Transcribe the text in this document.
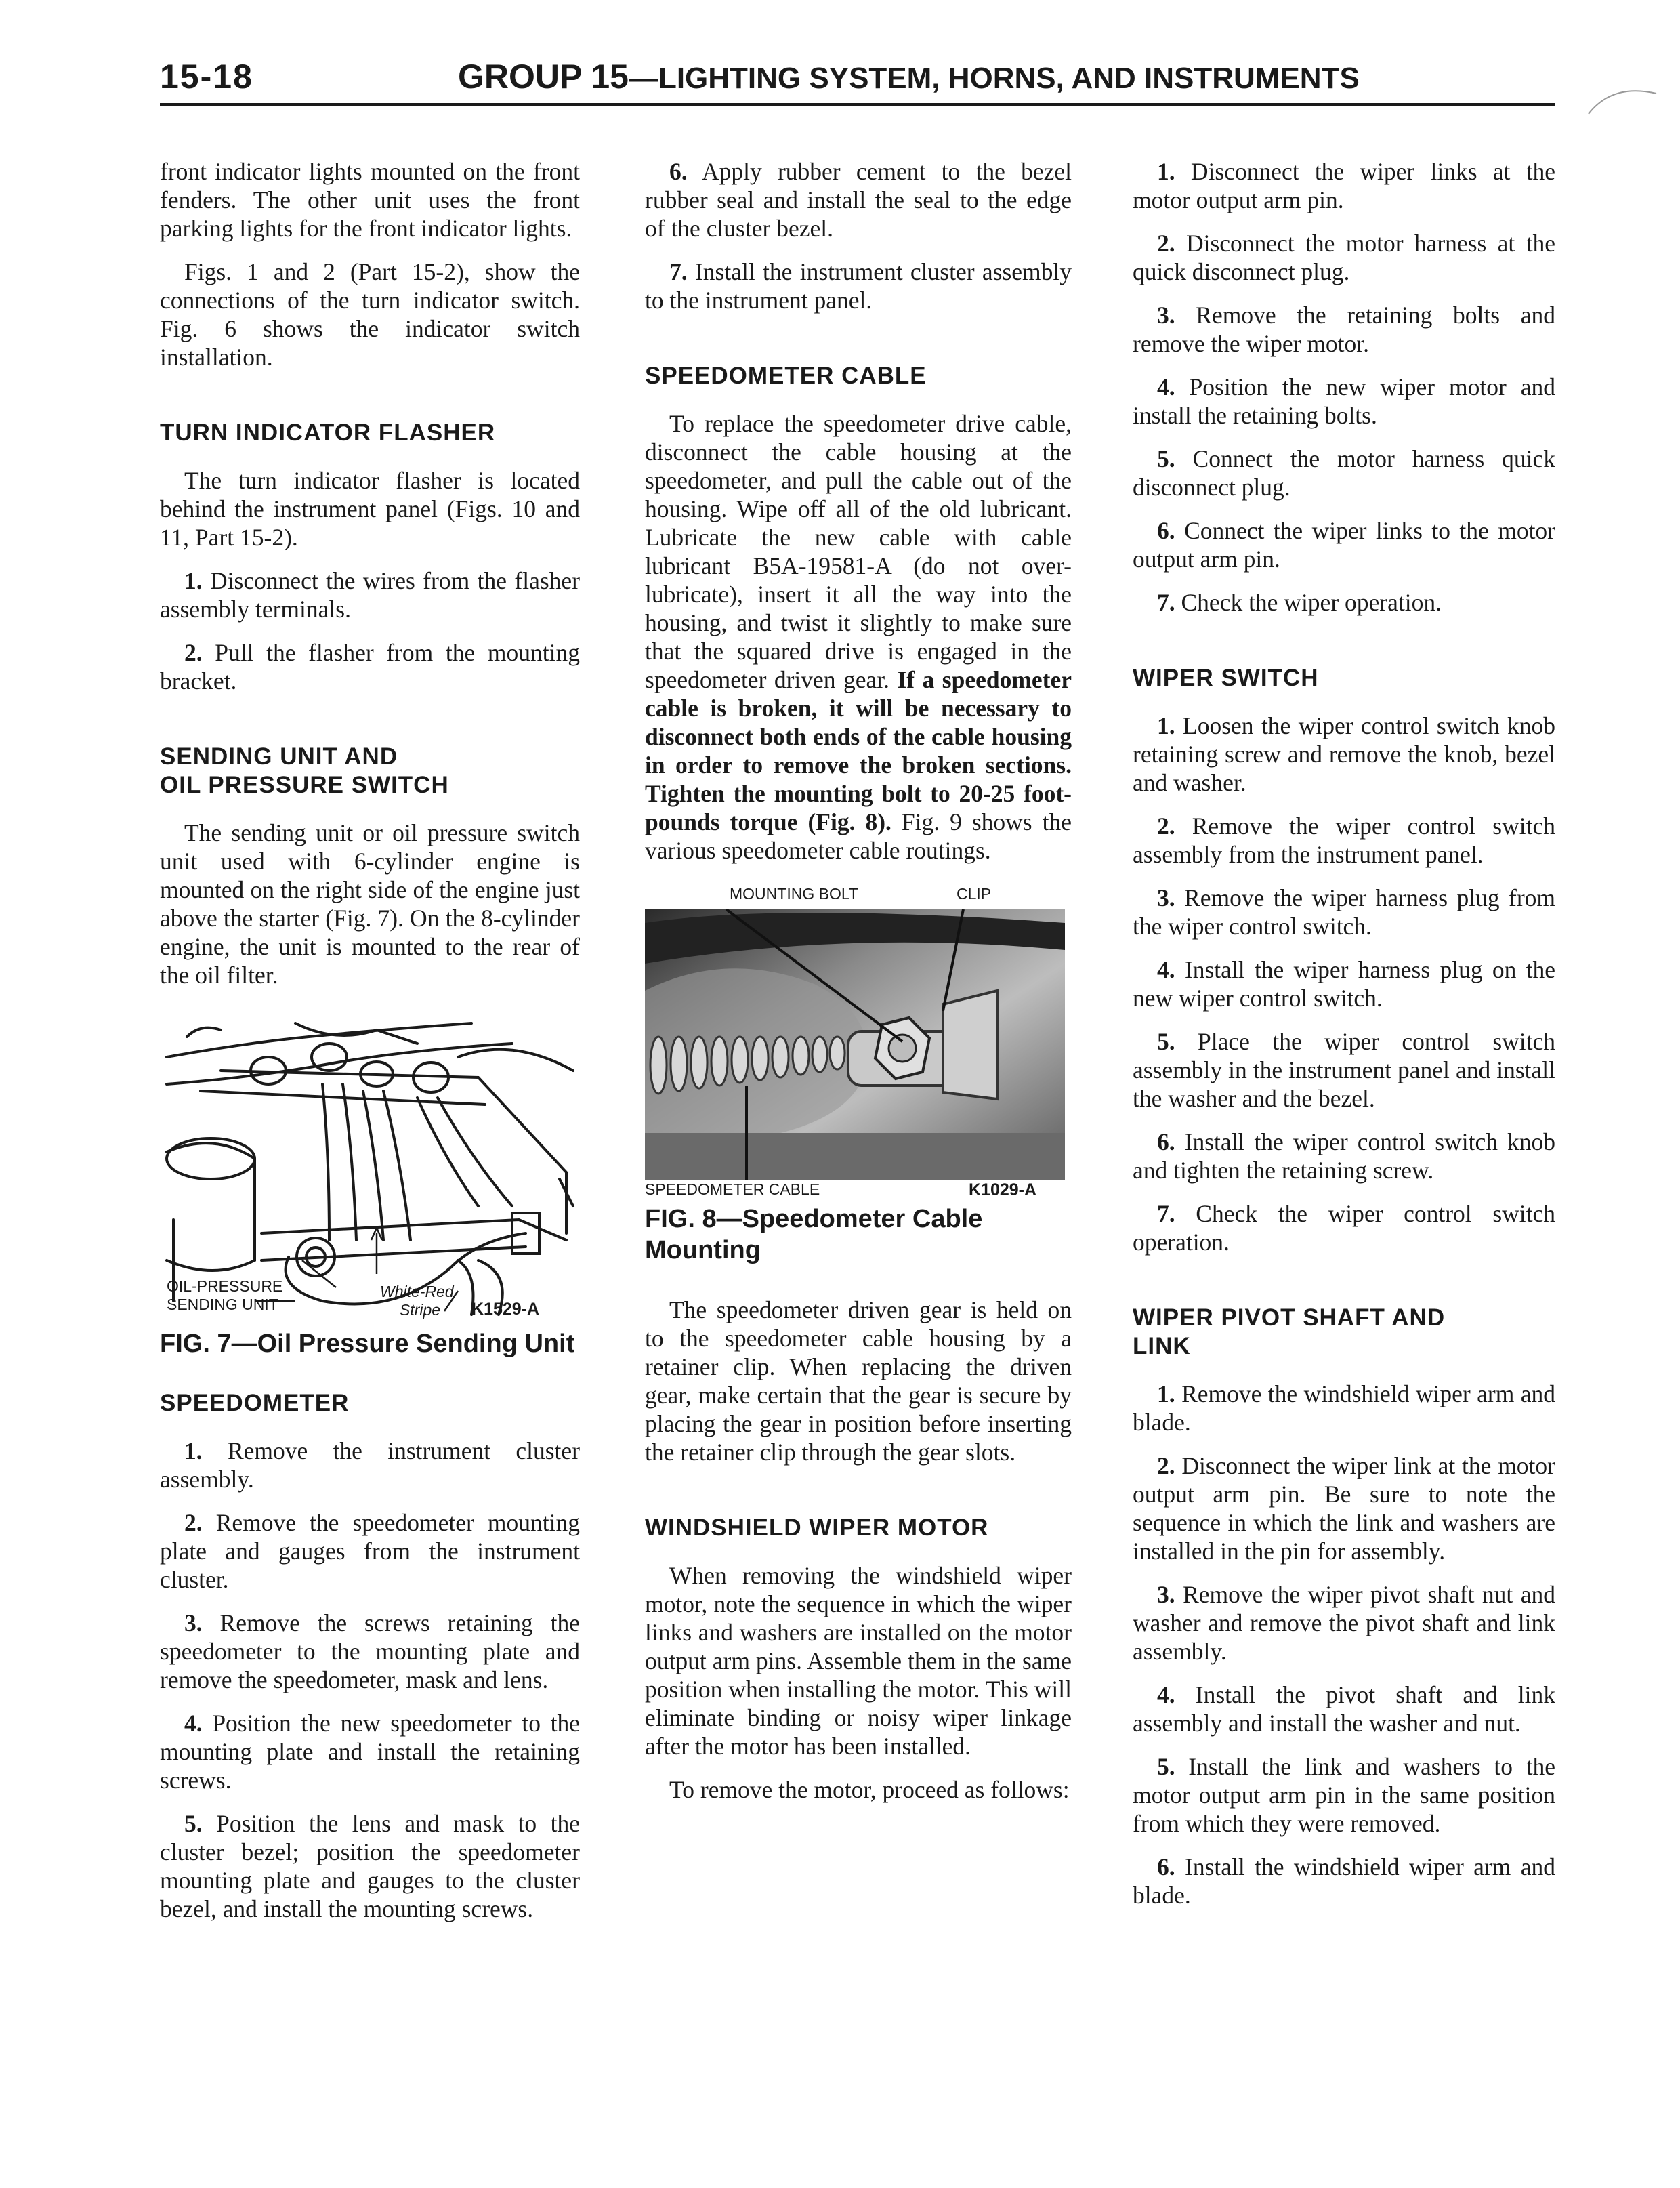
15-18	GROUP 15—LIGHTING SYSTEM, HORNS, AND INSTRUMENTS

front indicator lights mounted on the front fenders. The other unit uses the front parking lights for the front indicator lights.

Figs. 1 and 2 (Part 15-2), show the connections of the turn indicator switch. Fig. 6 shows the indicator switch installation.

TURN INDICATOR FLASHER

The turn indicator flasher is located behind the instrument panel (Figs. 10 and 11, Part 15-2).

1. Disconnect the wires from the flasher assembly terminals.

2. Pull the flasher from the mounting bracket.

SENDING UNIT AND
OIL PRESSURE SWITCH

The sending unit or oil pressure switch unit used with 6-cylinder engine is mounted on the right side of the engine just above the starter (Fig. 7). On the 8-cylinder engine, the unit is mounted to the rear of the oil filter.

OIL-PRESSURE
SENDING UNIT
White-Red
Stripe K1529-A
FIG. 7—Oil Pressure Sending Unit
SPEEDOMETER

1. Remove the instrument cluster assembly.

2. Remove the speedometer mounting plate and gauges from the instrument cluster.

3. Remove the screws retaining the speedometer to the mounting plate and remove the speedometer, mask and lens.

4. Position the new speedometer to the mounting plate and install the retaining screws.

5. Position the lens and mask to the cluster bezel; position the speedometer mounting plate and gauges to the cluster bezel, and install the mounting screws.

6. Apply rubber cement to the bezel rubber seal and install the seal to the edge of the cluster bezel.

7. Install the instrument cluster assembly to the instrument panel.

SPEEDOMETER CABLE

To replace the speedometer drive cable, disconnect the cable housing at the speedometer, and pull the cable out of the housing. Wipe off all of the old lubricant. Lubricate the new cable with cable lubricant B5A-19581-A (do not over-lubricate), insert it all the way into the housing, and twist it slightly to make sure that the squared drive is engaged in the speedometer driven gear. If a speedometer cable is broken, it will be necessary to disconnect both ends of the cable housing in order to remove the broken sections. Tighten the mounting bolt to 20-25 foot-pounds torque (Fig. 8). Fig. 9 shows the various speedometer cable routings.

MOUNTING BOLT	CLIP
SPEEDOMETER CABLE	K1029-A
FIG. 8—Speedometer Cable Mounting

The speedometer driven gear is held on to the speedometer cable housing by a retainer clip. When replacing the driven gear, make certain that the gear is secure by placing the gear in position before inserting the retainer clip through the gear slots.

WINDSHIELD WIPER MOTOR

When removing the windshield wiper motor, note the sequence in which the wiper links and washers are installed on the motor output arm pins. Assemble them in the same position when installing the motor. This will eliminate binding or noisy wiper linkage after the motor has been installed.

To remove the motor, proceed as follows:

1. Disconnect the wiper links at the motor output arm pin.

2. Disconnect the motor harness at the quick disconnect plug.

3. Remove the retaining bolts and remove the wiper motor.

4. Position the new wiper motor and install the retaining bolts.

5. Connect the motor harness quick disconnect plug.

6. Connect the wiper links to the motor output arm pin.

7. Check the wiper operation.

WIPER SWITCH

1. Loosen the wiper control switch knob retaining screw and remove the knob, bezel and washer.

2. Remove the wiper control switch assembly from the instrument panel.

3. Remove the wiper harness plug from the wiper control switch.

4. Install the wiper harness plug on the new wiper control switch.

5. Place the wiper control switch assembly in the instrument panel and install the washer and the bezel.

6. Install the wiper control switch knob and tighten the retaining screw.

7. Check the wiper control switch operation.

WIPER PIVOT SHAFT AND
LINK

1. Remove the windshield wiper arm and blade.

2. Disconnect the wiper link at the motor output arm pin. Be sure to note the sequence in which the link and washers are installed in the pin for assembly.

3. Remove the wiper pivot shaft nut and washer and remove the pivot shaft and link assembly.

4. Install the pivot shaft and link assembly and install the washer and nut.

5. Install the link and washers to the motor output arm pin in the same position from which they were removed.

6. Install the windshield wiper arm and blade.
